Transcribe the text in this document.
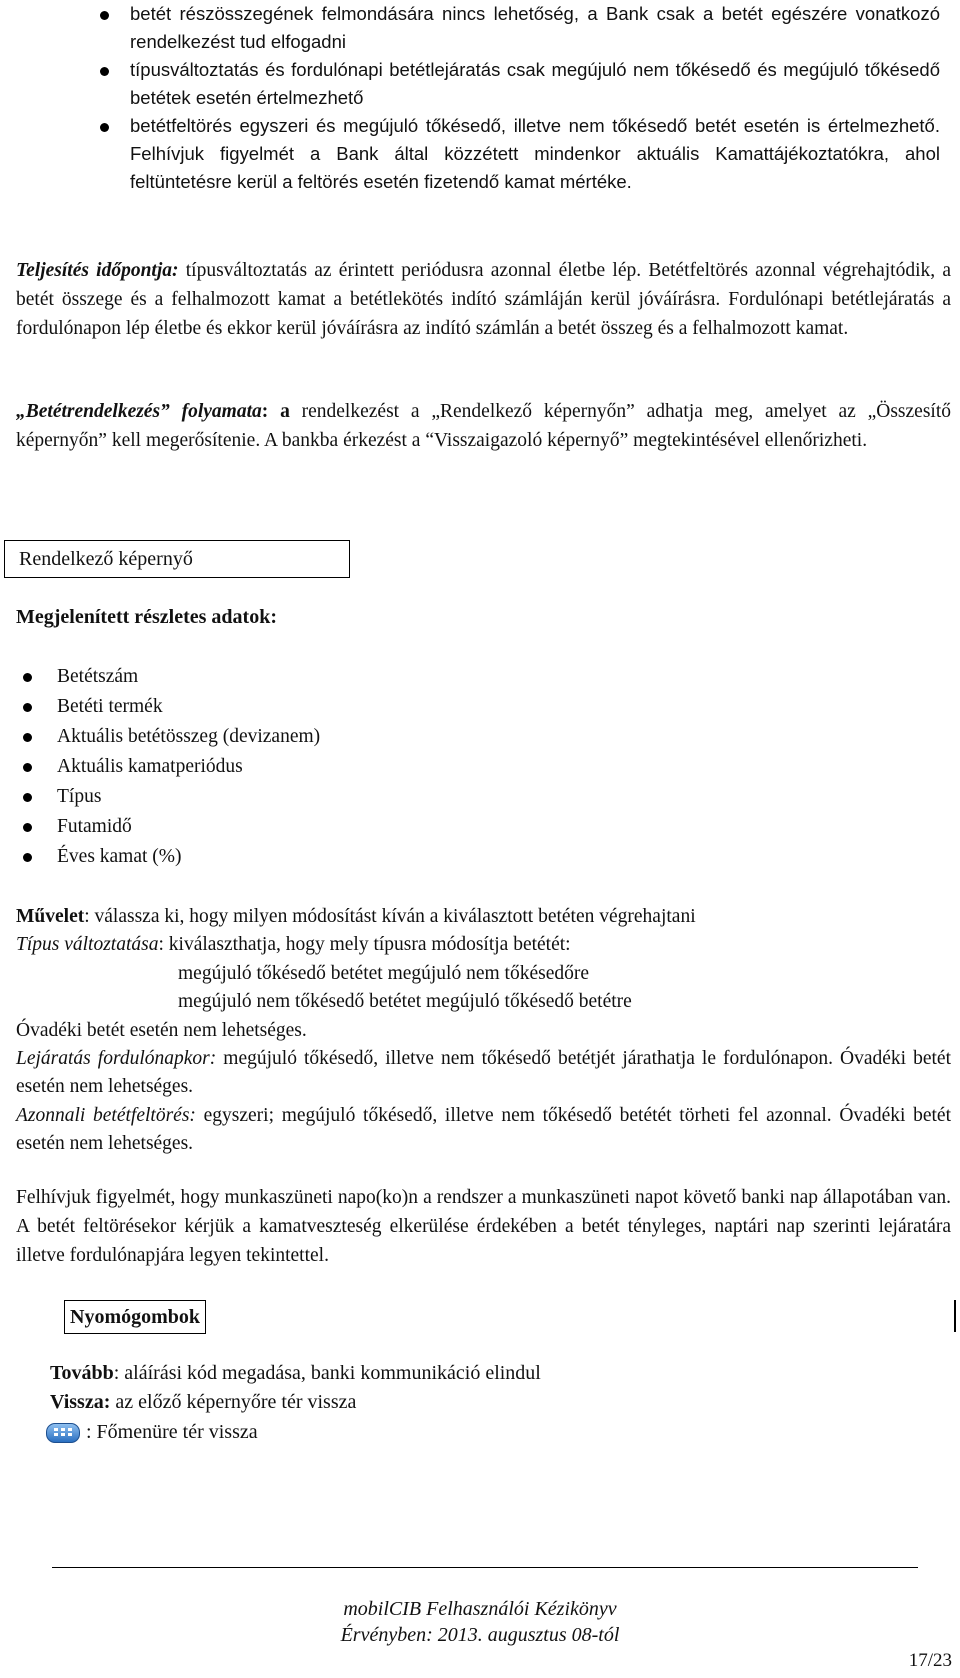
betét részösszegének felmondására nincs lehetőség, a Bank csak a betét egészére vonatkozó rendelkezést tud elfogadni
típusváltoztatás és fordulónapi betétlejáratás csak megújuló nem tőkésedő és megújuló tőkésedő betétek esetén értelmezhető
betétfeltörés egyszeri és megújuló tőkésedő, illetve nem tőkésedő betét esetén is értelmezhető. Felhívjuk figyelmét a Bank által közzétett mindenkor aktuális Kamattájékoztatókra, ahol feltüntetésre kerül a feltörés esetén fizetendő kamat mértéke.
Teljesítés időpontja: típusváltoztatás az érintett periódusra azonnal életbe lép. Betétfeltörés azonnal végrehajtódik, a betét összege és a felhalmozott kamat a betétlekötés indító számláján kerül jóváírásra. Fordulónapi betétlejáratás a fordulónapon lép életbe és ekkor kerül jóváírásra az indító számlán a betét összeg és a felhalmozott kamat.
„Betétrendelkezés” folyamata: a rendelkezést a „Rendelkező képernyőn” adhatja meg, amelyet az „Összesítő képernyőn” kell megerősítenie. A bankba érkezést a “Visszaigazoló képernyő” megtekintésével ellenőrizheti.
Rendelkező képernyő
Megjelenített részletes adatok:
Betétszám
Betéti termék
Aktuális betétösszeg (devizanem)
Aktuális kamatperiódus
Típus
Futamidő
Éves kamat (%)
Művelet: válassza ki, hogy milyen módosítást kíván a kiválasztott betéten végrehajtani
Típus változtatása: kiválaszthatja, hogy mely típusra módosítja betétét:
megújuló tőkésedő betétet megújuló nem tőkésedőre
megújuló nem tőkésedő betétet megújuló tőkésedő betétre
Óvadéki betét esetén nem lehetséges.
Lejáratás fordulónapkor: megújuló tőkésedő, illetve nem tőkésedő betétjét járathatja le fordulónapon. Óvadéki betét esetén nem lehetséges.
Azonnali betétfeltörés: egyszeri; megújuló tőkésedő, illetve nem tőkésedő betétét törheti fel azonnal. Óvadéki betét esetén nem lehetséges.
Felhívjuk figyelmét, hogy munkaszüneti napo(ko)n a rendszer a munkaszüneti napot követő banki nap állapotában van. A betét feltörésekor kérjük a kamatveszteség elkerülése érdekében a betét tényleges, naptári nap szerinti lejáratára illetve fordulónapjára legyen tekintettel.
Nyomógombok
Tovább: aláírási kód megadása, banki kommunikáció elindul
Vissza: az előző képernyőre tér vissza
: Főmenüre tér vissza
mobilCIB Felhasználói Kézikönyv
Érvényben: 2013. augusztus 08-tól
17/23
